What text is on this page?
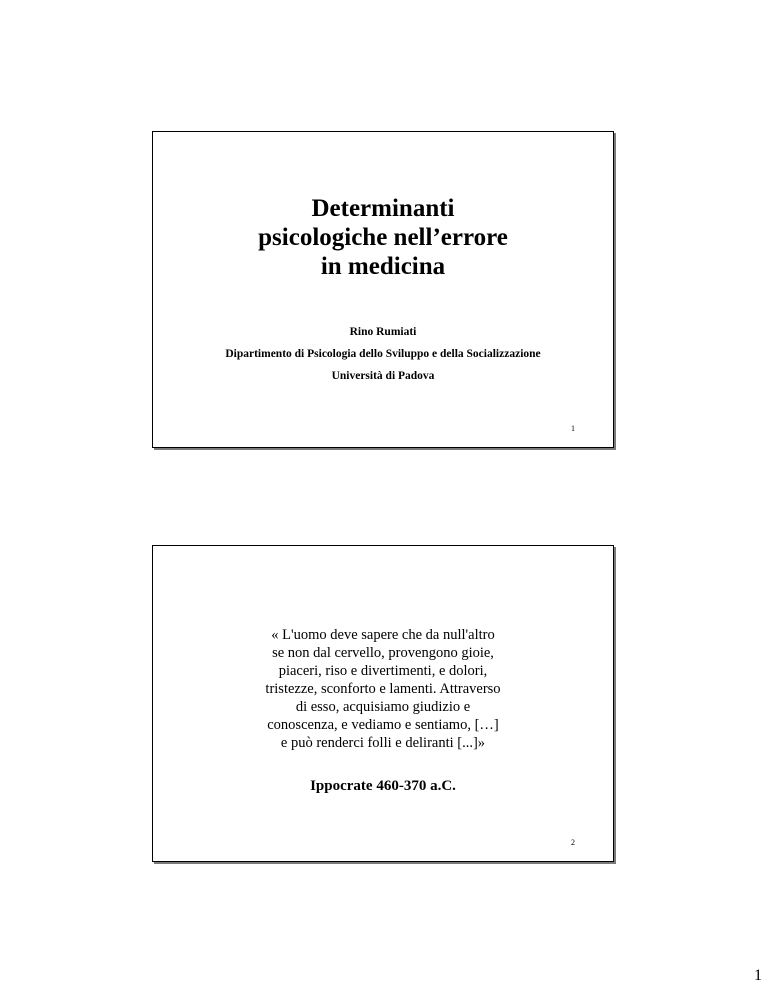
Determinanti
psicologiche nell’errore
in medicina

Rino Rumiati

Dipartimento di Psicologia dello Sviluppo e della Socializzazione

Università di Padova

1
« L'uomo deve sapere che da null'altro
se non dal cervello, provengono gioie,
piaceri, riso e divertimenti, e dolori,
tristezze, sconforto e lamenti. Attraverso
di esso, acquisiamo giudizio e
conoscenza, e vediamo e sentiamo, […]
e può renderci folli e deliranti [...]»

Ippocrate 460-370 a.C.

2
1
